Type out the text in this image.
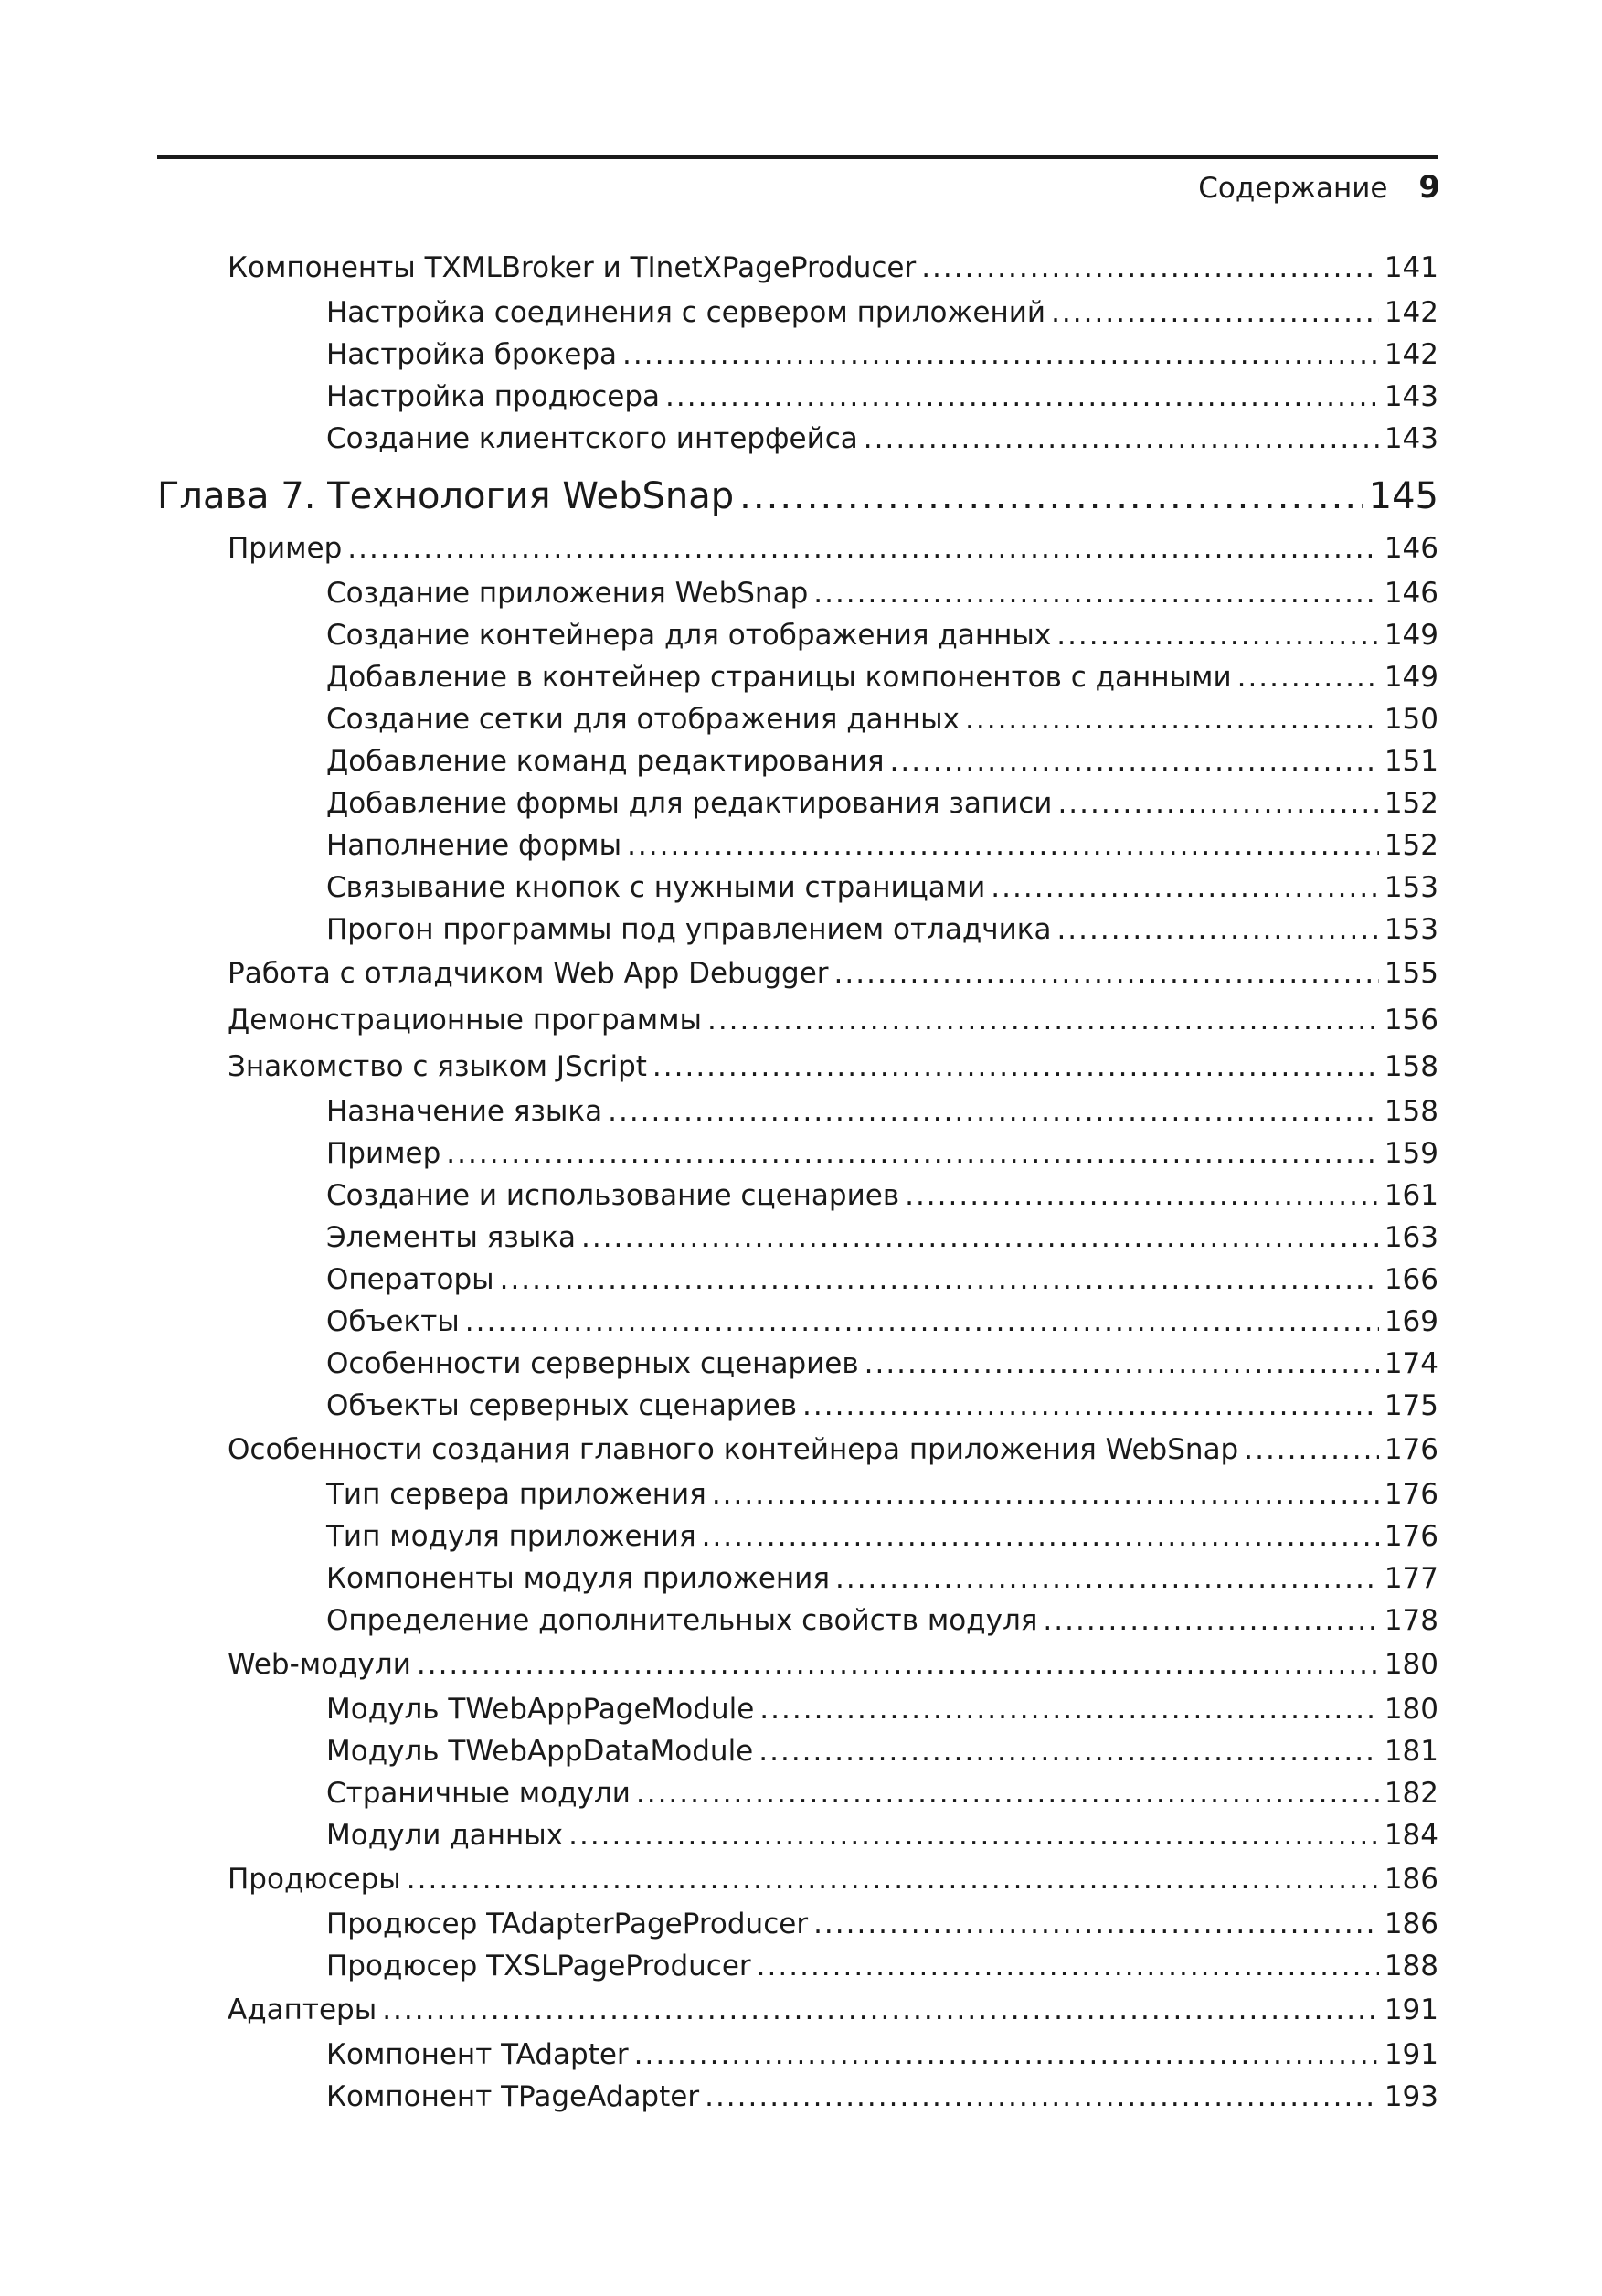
Содержание 9
Компоненты TXMLBroker и TInetXPageProducer .....	141
Настройка соединения с сервером приложений .....	142
Настройка брокера .....	142
Настройка продюсера .....	143
Создание клиентского интерфейса .....	143
Глава 7. Технология WebSnap .....	145
Пример .....	146
Создание приложения WebSnap .....	146
Создание контейнера для отображения данных .....	149
Добавление в контейнер страницы компонентов с данными .....	149
Создание сетки для отображения данных .....	150
Добавление команд редактирования .....	151
Добавление формы для редактирования записи .....	152
Наполнение формы .....	152
Связывание кнопок с нужными страницами .....	153
Прогон программы под управлением отладчика .....	153
Работа с отладчиком Web App Debugger .....	155
Демонстрационные программы .....	156
Знакомство с языком JScript .....	158
Назначение языка .....	158
Пример .....	159
Создание и использование сценариев .....	161
Элементы языка .....	163
Операторы .....	166
Объекты .....	169
Особенности серверных сценариев .....	174
Объекты серверных сценариев .....	175
Особенности создания главного контейнера приложения WebSnap .....	176
Тип сервера приложения .....	176
Тип модуля приложения .....	176
Компоненты модуля приложения .....	177
Определение дополнительных свойств модуля .....	178
Web-модули .....	180
Модуль TWebAppPageModule .....	180
Модуль TWebAppDataModule .....	181
Страничные модули .....	182
Модули данных .....	184
Продюсеры .....	186
Продюсер TAdapterPageProducer .....	186
Продюсер TXSLPageProducer .....	188
Адаптеры .....	191
Компонент TAdapter .....	191
Компонент TPageAdapter .....	193
